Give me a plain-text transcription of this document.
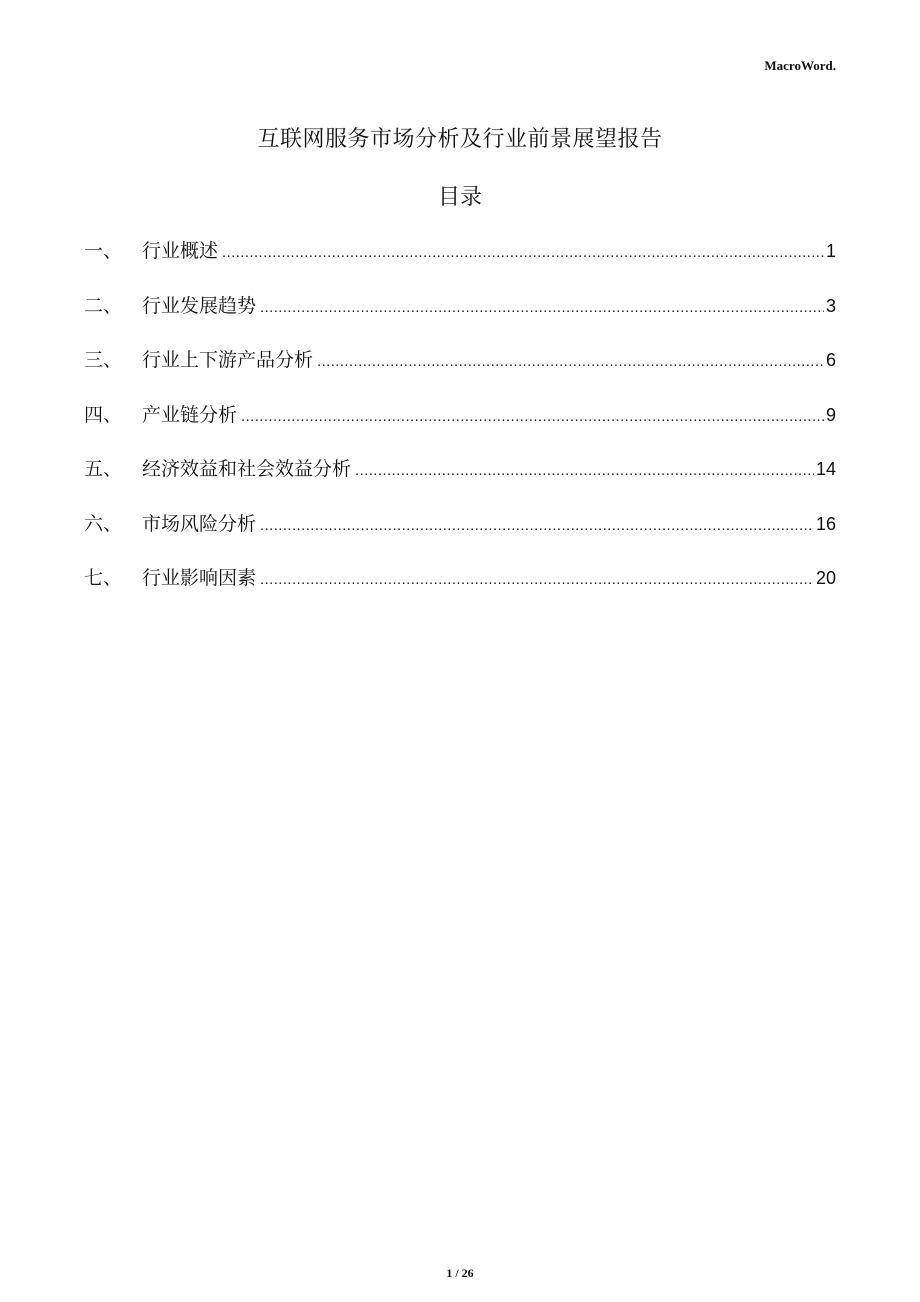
MacroWord.
互联网服务市场分析及行业前景展望报告
目录
一、	行业概述 .....	1
二、	行业发展趋势 .....	3
三、	行业上下游产品分析 .....	6
四、	产业链分析 .....	9
五、	经济效益和社会效益分析 .....	14
六、	市场风险分析 .....	16
七、	行业影响因素 .....	20
1 / 26
